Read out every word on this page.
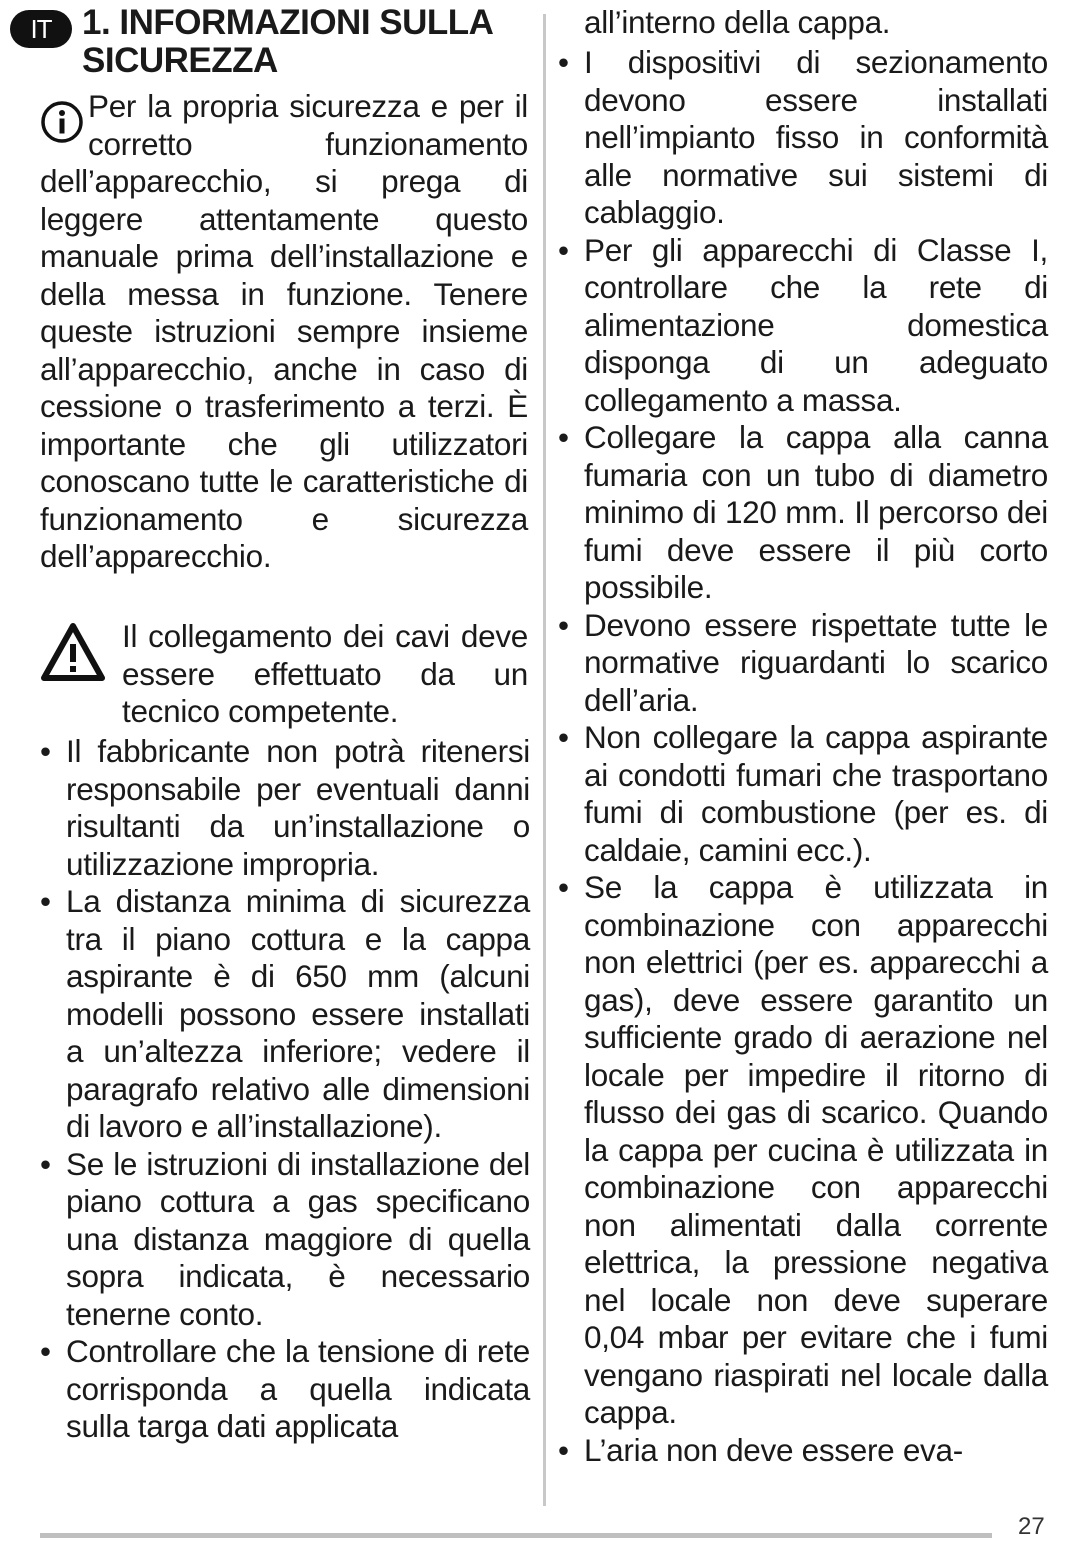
IT 1. INFORMAZIONI SULLA SICUREZZA

Per la propria sicurezza e per il corretto funzionamento dell’apparecchio, si prega di leggere attentamente questo manuale prima dell’installazione e della messa in funzione. Tenere queste istruzioni sempre insieme all’apparecchio, anche in caso di cessione o trasferimento a terzi. È importante che gli utilizzatori conoscano tutte le caratteristiche di funzionamento e sicurezza dell’apparecchio.

Il collegamento dei cavi deve essere effettuato da un tecnico competente.

• Il fabbricante non potrà ritenersi responsabile per eventuali danni risultanti da un’installazione o utilizzazione impropria.
• La distanza minima di sicurezza tra il piano cottura e la cappa aspirante è di 650 mm (alcuni modelli possono essere installati a un’altezza inferiore; vedere il paragrafo relativo alle dimensioni di lavoro e all’installazione).
• Se le istruzioni di installazione del piano cottura a gas specificano una distanza maggiore di quella sopra indicata, è necessario tenerne conto.
• Controllare che la tensione di rete corrisponda a quella indicata sulla targa dati applicata
all’interno della cappa.
• I dispositivi di sezionamento devono essere installati nell’impianto fisso in conformità alle normative sui sistemi di cablaggio.
• Per gli apparecchi di Classe I, controllare che la rete di alimentazione domestica disponga di un adeguato collegamento a massa.
• Collegare la cappa alla canna fumaria con un tubo di diametro minimo di 120 mm. Il percorso dei fumi deve essere il più corto possibile.
• Devono essere rispettate tutte le normative riguardanti lo scarico dell’aria.
• Non collegare la cappa aspirante ai condotti fumari che trasportano fumi di combustione (per es. di caldaie, camini ecc.).
• Se la cappa è utilizzata in combinazione con apparecchi non elettrici (per es. apparecchi a gas), deve essere garantito un sufficiente grado di aerazione nel locale per impedire il ritorno di flusso dei gas di scarico. Quando la cappa per cucina è utilizzata in combinazione con apparecchi non alimentati dalla corrente elettrica, la pressione negativa nel locale non deve superare 0,04 mbar per evitare che i fumi vengano riaspirati nel locale dalla cappa.
• L’aria non deve essere eva-
27
